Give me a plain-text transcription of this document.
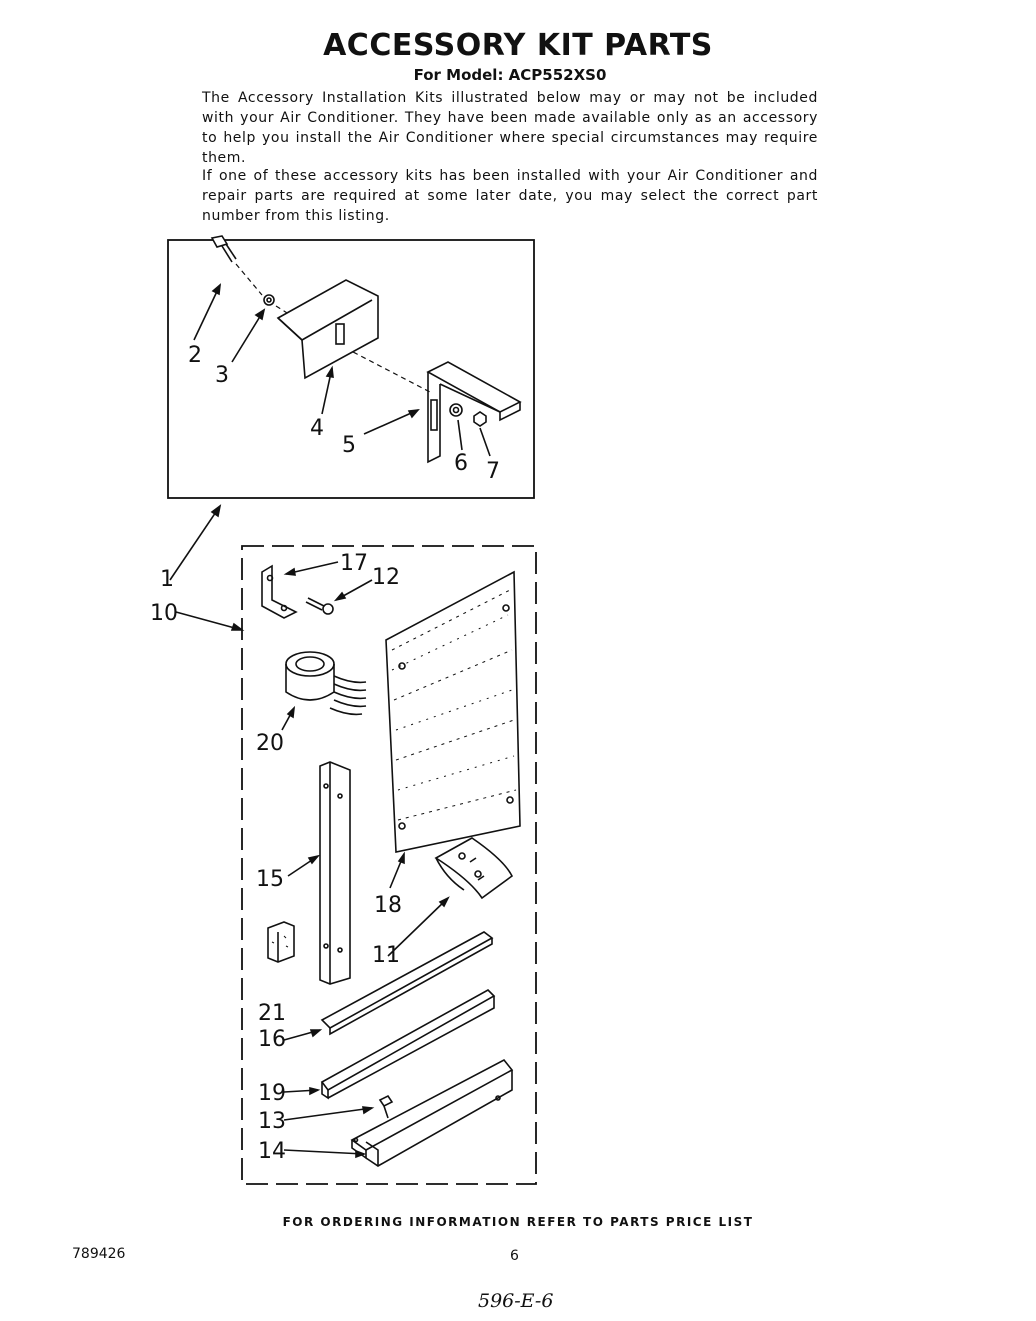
ACCESSORY KIT PARTS
For Model: ACP552XS0

The Accessory Installation Kits illustrated below may or may not be included with your Air Conditioner. They have been made available only as an accessory to help you install the Air Conditioner where special circumstances may require them.

If one of these accessory kits has been installed with your Air Conditioner and repair parts are required at some later date, you may select the correct part number from this listing.

2
3
4
5
6 7
1
10
17
12
20
15
18
11
21
16
19
13
14
FOR ORDERING INFORMATION REFER TO PARTS PRICE LIST
789426	6
596-E-6
